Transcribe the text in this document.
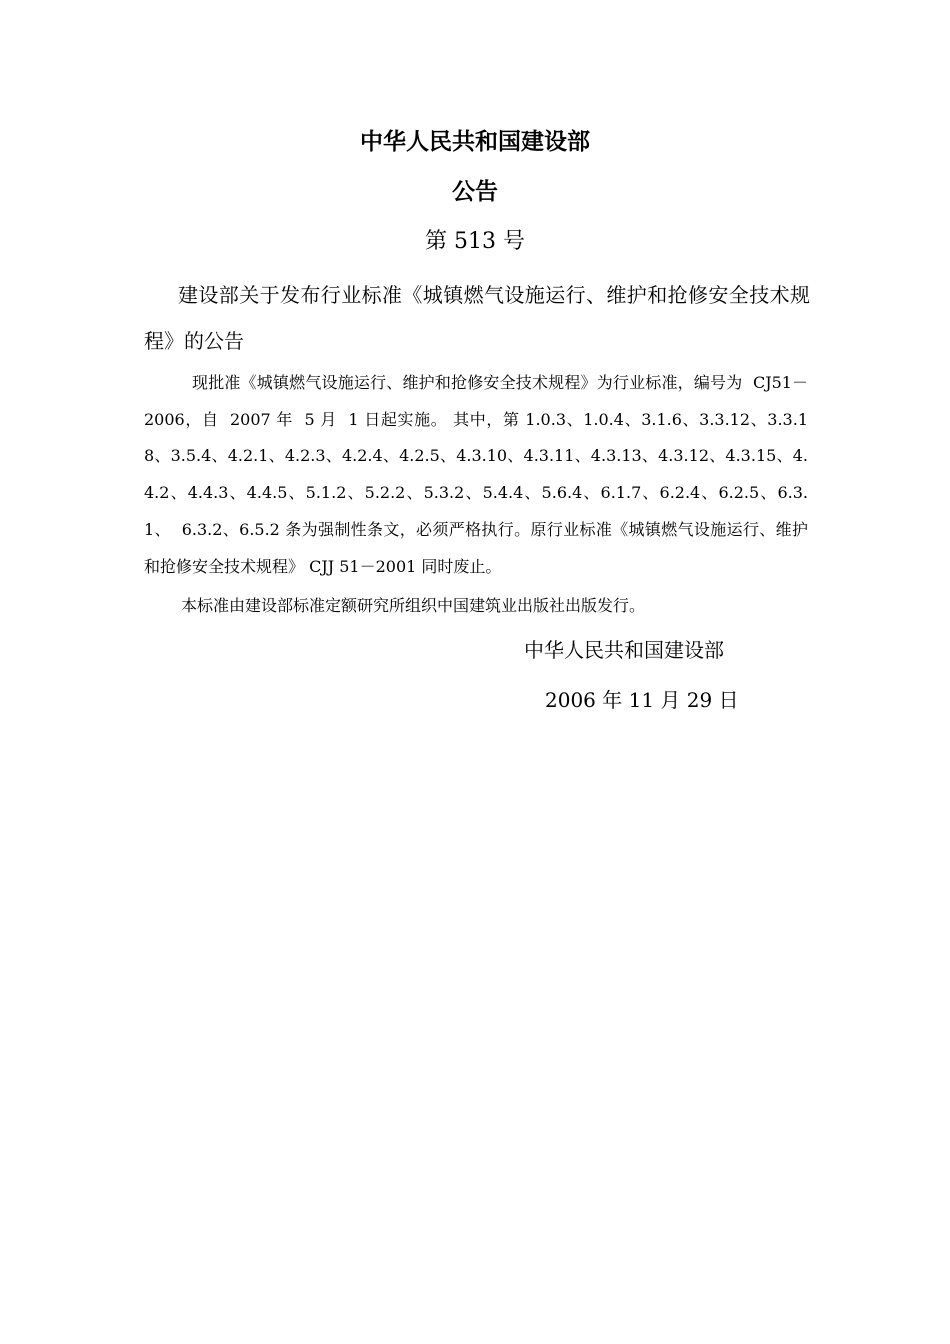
中华人民共和国建设部
公告
第 513 号
建设部关于发布行业标准《城镇燃气设施运行、维护和抢修安全技术规程》的公告
现批准《城镇燃气设施运行、维护和抢修安全技术规程》为行业标准，编号为  CJ51－2006，自  2007 年  5 月  1 日起实施。 其中，第 1.0.3、1.0.4、3.1.6、3.3.12、3.3.18、3.5.4、4.2.1、4.2.3、4.2.4、4.2.5、4.3.10、4.3.11、4.3.13、4.3.12、4.3.15、4.4.2、4.4.3、4.4.5、5.1.2、5.2.2、5.3.2、5.4.4、5.6.4、6.1.7、6.2.4、6.2.5、6.3.1、  6.3.2、6.5.2 条为强制性条文，必须严格执行。原行业标准《城镇燃气设施运行、维护和抢修安全技术规程》 CJJ 51－2001 同时废止。
本标准由建设部标准定额研究所组织中国建筑业出版社出版发行。
中华人民共和国建设部
2006 年 11 月 29 日
